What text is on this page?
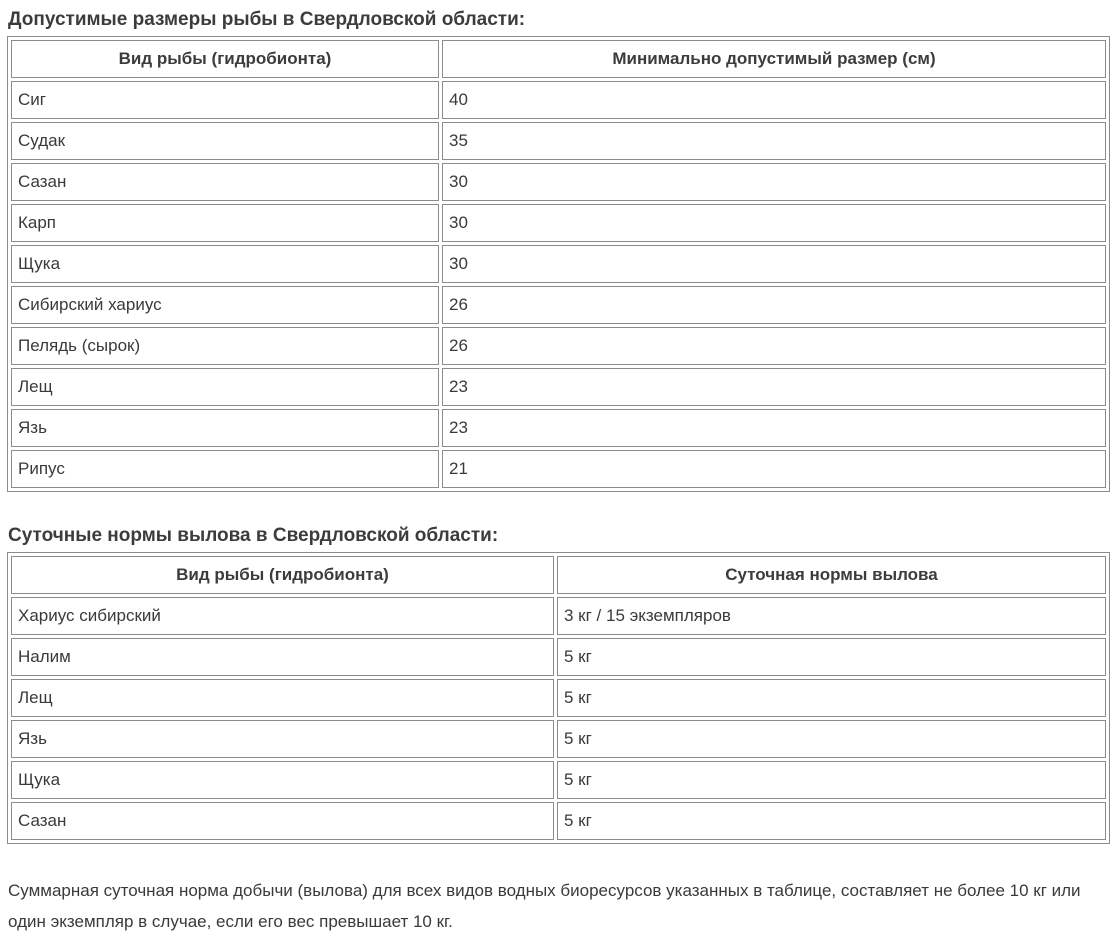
Допустимые размеры рыбы в Свердловской области:
Вид рыбы (гидробионта)	Минимально допустимый размер (см)
Сиг	40
Судак	35
Сазан	30
Карп	30
Щука	30
Сибирский хариус	26
Пелядь (сырок)	26
Лещ	23
Язь	23
Рипус	21
Суточные нормы вылова в Свердловской области:
Вид рыбы (гидробионта)	Суточная нормы вылова
Хариус сибирский	3 кг / 15 экземпляров
Налим	5 кг
Лещ	5 кг
Язь	5 кг
Щука	5 кг
Сазан	5 кг

Суммарная суточная норма добычи (вылова) для всех видов водных биоресурсов указанных в таблице, составляет не более 10 кг или один экземпляр в случае, если его вес превышает 10 кг.
